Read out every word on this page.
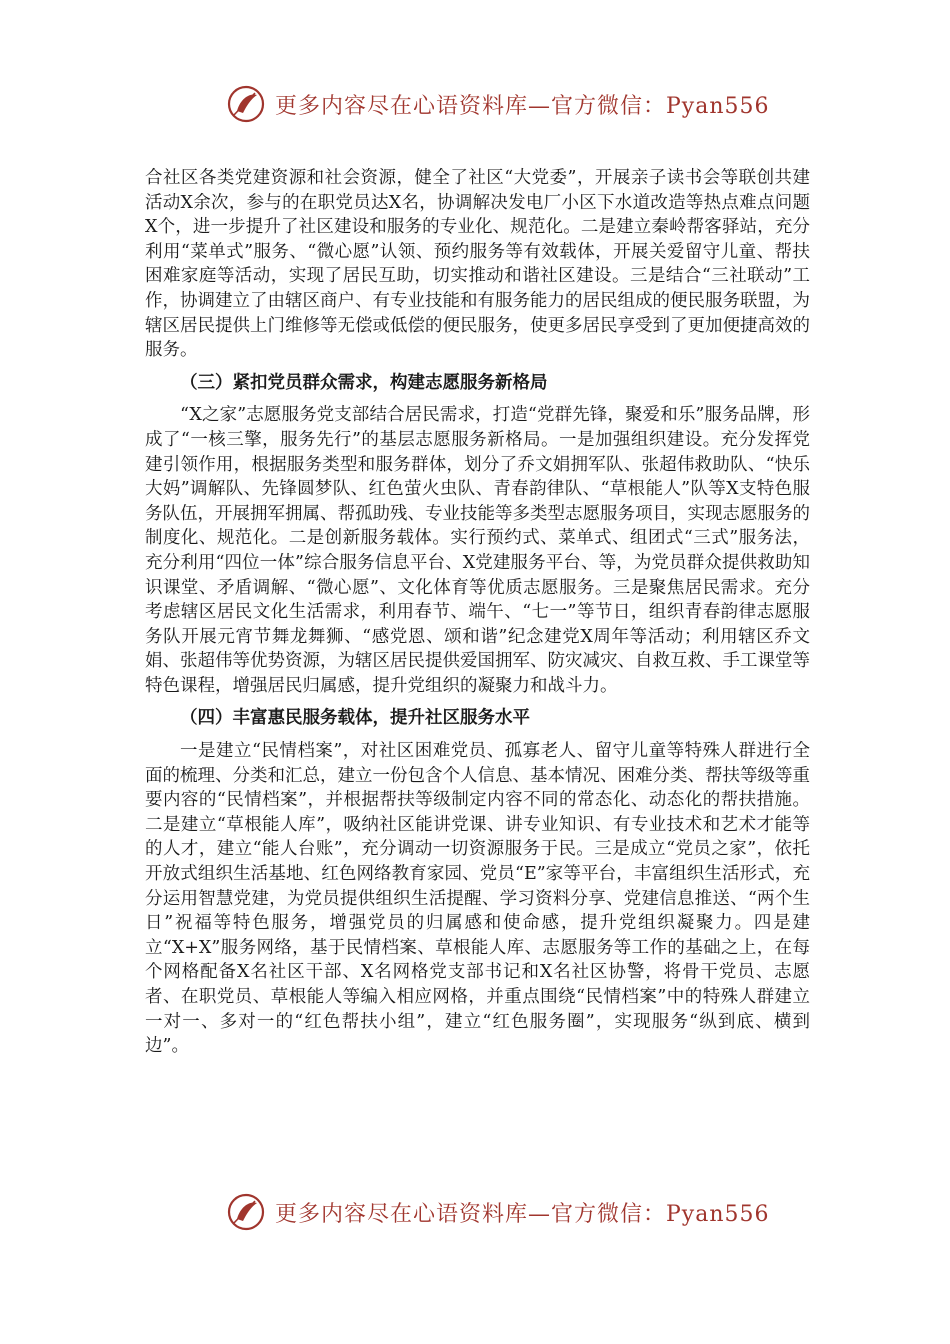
更多内容尽在心语资料库—官方微信：Pyan556

合社区各类党建资源和社会资源，健全了社区“大党委”，开展亲子读书会等联创共建活动X余次，参与的在职党员达X名，协调解决发电厂小区下水道改造等热点难点问题X个，进一步提升了社区建设和服务的专业化、规范化。二是建立秦岭帮客驿站，充分利用“菜单式”服务、“微心愿”认领、预约服务等有效载体，开展关爱留守儿童、帮扶困难家庭等活动，实现了居民互助，切实推动和谐社区建设。三是结合“三社联动”工作，协调建立了由辖区商户、有专业技能和有服务能力的居民组成的便民服务联盟，为辖区居民提供上门维修等无偿或低偿的便民服务，使更多居民享受到了更加便捷高效的服务。

（三）紧扣党员群众需求，构建志愿服务新格局

“X之家”志愿服务党支部结合居民需求，打造“党群先锋，聚爱和乐”服务品牌，形成了“一核三擎，服务先行”的基层志愿服务新格局。一是加强组织建设。充分发挥党建引领作用，根据服务类型和服务群体，划分了乔文娟拥军队、张超伟救助队、“快乐大妈”调解队、先锋圆梦队、红色萤火虫队、青春韵律队、“草根能人”队等X支特色服务队伍，开展拥军拥属、帮孤助残、专业技能等多类型志愿服务项目，实现志愿服务的制度化、规范化。二是创新服务载体。实行预约式、菜单式、组团式“三式”服务法，充分利用“四位一体”综合服务信息平台、X党建服务平台、等，为党员群众提供救助知识课堂、矛盾调解、“微心愿”、文化体育等优质志愿服务。三是聚焦居民需求。充分考虑辖区居民文化生活需求，利用春节、端午、“七一”等节日，组织青春韵律志愿服务队开展元宵节舞龙舞狮、“感党恩、颂和谐”纪念建党X周年等活动；利用辖区乔文娟、张超伟等优势资源，为辖区居民提供爱国拥军、防灾减灾、自救互救、手工课堂等特色课程，增强居民归属感，提升党组织的凝聚力和战斗力。

（四）丰富惠民服务载体，提升社区服务水平

一是建立“民情档案”，对社区困难党员、孤寡老人、留守儿童等特殊人群进行全面的梳理、分类和汇总，建立一份包含个人信息、基本情况、困难分类、帮扶等级等重要内容的“民情档案”，并根据帮扶等级制定内容不同的常态化、动态化的帮扶措施。二是建立“草根能人库”，吸纳社区能讲党课、讲专业知识、有专业技术和艺术才能等的人才，建立“能人台账”，充分调动一切资源服务于民。三是成立“党员之家”，依托开放式组织生活基地、红色网络教育家园、党员“E”家等平台，丰富组织生活形式，充分运用智慧党建，为党员提供组织生活提醒、学习资料分享、党建信息推送、“两个生日”祝福等特色服务，增强党员的归属感和使命感，提升党组织凝聚力。四是建立“X+X”服务网络，基于民情档案、草根能人库、志愿服务等工作的基础之上，在每个网格配备X名社区干部、X名网格党支部书记和X名社区协警，将骨干党员、志愿者、在职党员、草根能人等编入相应网格，并重点围绕“民情档案”中的特殊人群建立一对一、多对一的“红色帮扶小组”，建立“红色服务圈”，实现服务“纵到底、横到边”。

更多内容尽在心语资料库—官方微信：Pyan556
